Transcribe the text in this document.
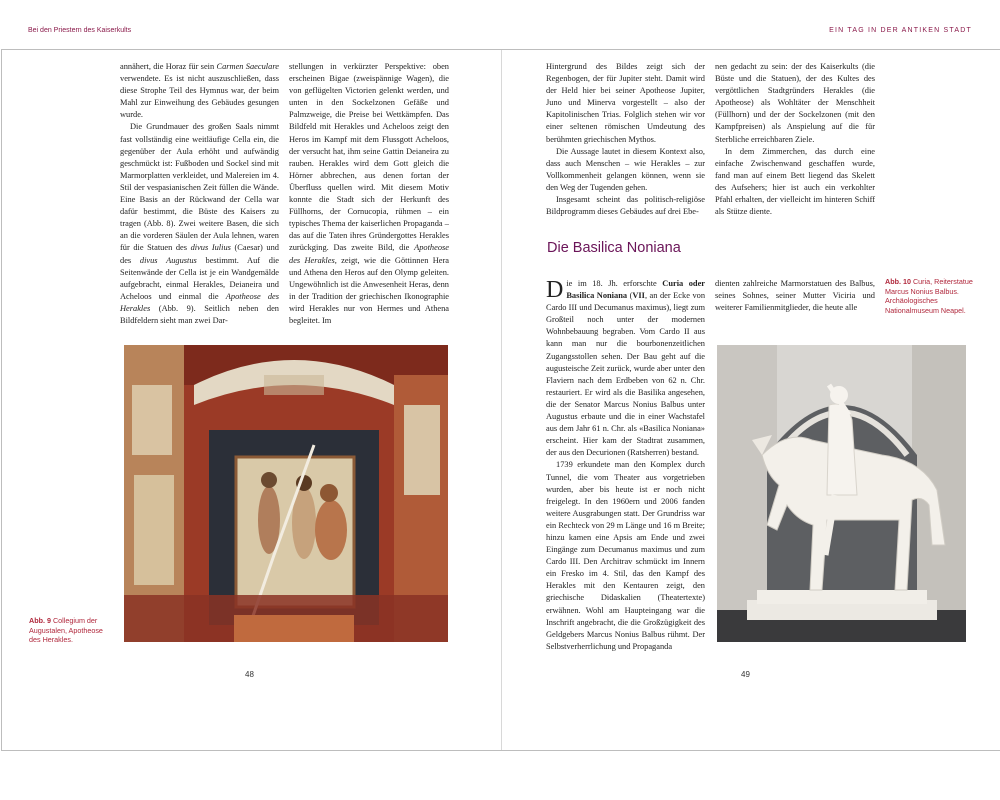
Bei den Priestern des Kaiserkults	EIN TAG IN DER ANTIKEN STADT

annähert, die Horaz für sein Carmen Saeculare verwendete. Es ist nicht auszuschließen, dass diese Strophe Teil des Hymnus war, der beim Mahl zur Einweihung des Gebäudes gesungen wurde.

Die Grundmauer des großen Saals nimmt fast vollständig eine weitläufige Cella ein, die gegenüber der Aula erhöht und aufwändig geschmückt ist: Fußboden und Sockel sind mit Marmorplatten verkleidet, und Malereien im 4. Stil der vespasianischen Zeit füllen die Wände. Eine Basis an der Rückwand der Cella war dafür bestimmt, die Büste des Kaisers zu tragen (Abb. 8). Zwei weitere Basen, die sich an die vorderen Säulen der Aula lehnen, waren für die Statuen des divus Iulius (Caesar) und des divus Augustus bestimmt. Auf die Seitenwände der Cella ist je ein Wandgemälde aufgebracht, einmal Herakles, Deianeira und Acheloos und einmal die Apotheose des Herakles (Abb. 9). Seitlich neben den Bildfeldern sieht man zwei Dar-

stellungen in verkürzter Perspektive: oben erscheinen Bigae (zweispännige Wagen), die von geflügelten Victorien gelenkt werden, und unten in den Sockelzonen Gefäße und Palmzweige, die Preise bei Wettkämpfen. Das Bildfeld mit Herakles und Acheloos zeigt den Heros im Kampf mit dem Flussgott Acheloos, der versucht hat, ihm seine Gattin Deianeira zu rauben. Herakles wird dem Gott gleich die Hörner abbrechen, aus denen fortan der Überfluss quellen wird. Mit diesem Motiv konnte die Stadt sich der Herkunft des Füllhorns, der Cornucopia, rühmen – ein typisches Thema der kaiserlichen Propaganda – das auf die Taten ihres Gründergottes Herakles zurückging. Das zweite Bild, die Apotheose des Herakles, zeigt, wie die Göttinnen Hera und Athena den Heros auf den Olymp geleiten. Ungewöhnlich ist die Anwesenheit Heras, denn in der Tradition der griechischen Ikonographie wird Herakles nur von Hermes und Athena begleitet. Im

Abb. 9 Collegium der Augustalen, Apotheose des Herakles.
48

Hintergrund des Bildes zeigt sich der Regenbogen, der für Jupiter steht. Damit wird der Held hier bei seiner Apotheose Jupiter, Juno und Minerva vorgestellt – also der Kapitolinischen Trias. Folglich stehen wir vor einer seltenen römischen Umdeutung des berühmten griechischen Mythos.

Die Aussage lautet in diesem Kontext also, dass auch Menschen – wie Herakles – zur Vollkommenheit gelangen können, wenn sie den Weg der Tugenden gehen.

Insgesamt scheint das politisch-religiöse Bildprogramm dieses Gebäudes auf drei Ebe-

nen gedacht zu sein: der des Kaiserkults (die Büste und die Statuen), der des Kultes des vergöttlichen Stadtgründers Herakles (die Apotheose) als Wohltäter der Menschheit (Füllhorn) und der der Sockelzonen (mit den Kampfpreisen) als Anspielung auf die für Sterbliche erreichbaren Ziele.

In dem Zimmerchen, das durch eine einfache Zwischenwand geschaffen wurde, fand man auf einem Bett liegend das Skelett des Aufsehers; hier ist auch ein verkohlter Pfahl erhalten, der vielleicht im hinteren Schiff als Stütze diente.

Die Basilica Noniana

Die im 18. Jh. erforschte Curia oder Basilica Noniana (VII, an der Ecke von Cardo III und Decumanus maximus), liegt zum Großteil noch unter der modernen Wohnbebauung begraben. Vom Cardo II aus kann man nur die bourbonenzeitlichen Zugangsstollen sehen. Der Bau geht auf die augusteische Zeit zurück, wurde aber unter den Flaviern nach dem Erdbeben von 62 n. Chr. restauriert. Er wird als die Basilika angesehen, die der Senator Marcus Nonius Balbus unter Augustus erbaute und die in einer Wachstafel aus dem Jahr 61 n. Chr. als «Basilica Noniana» erscheint. Hier kam der Stadtrat zusammen, der aus den Decurionen (Ratsherren) bestand.

1739 erkundete man den Komplex durch Tunnel, die vom Theater aus vorgetrieben wurden, aber bis heute ist er noch nicht freigelegt. In den 1960ern und 2006 fanden weitere Ausgrabungen statt. Der Grundriss war ein Rechteck von 29 m Länge und 16 m Breite; hinzu kamen eine Apsis am Ende und zwei Eingänge zum Decumanus maximus und zum Cardo III. Den Architrav schmückt im Innern ein Fresko im 4. Stil, das den Kampf des Herakles mit den Kentauren zeigt, den griechische Didaskalien (Theatertexte) erwähnen. Wohl am Haupteingang war die Inschrift angebracht, die die Großzügigkeit des Geldgebers Marcus Nonius Balbus rühmt. Der Selbstverherrlichung und Propaganda

dienten zahlreiche Marmorstatuen des Balbus, seines Sohnes, seiner Mutter Viciria und weiterer Familienmitglieder, die heute alle

Abb. 10 Curia, Reiterstatue Marcus Nonius Balbus. Archäologisches Nationalmuseum Neapel.
49
